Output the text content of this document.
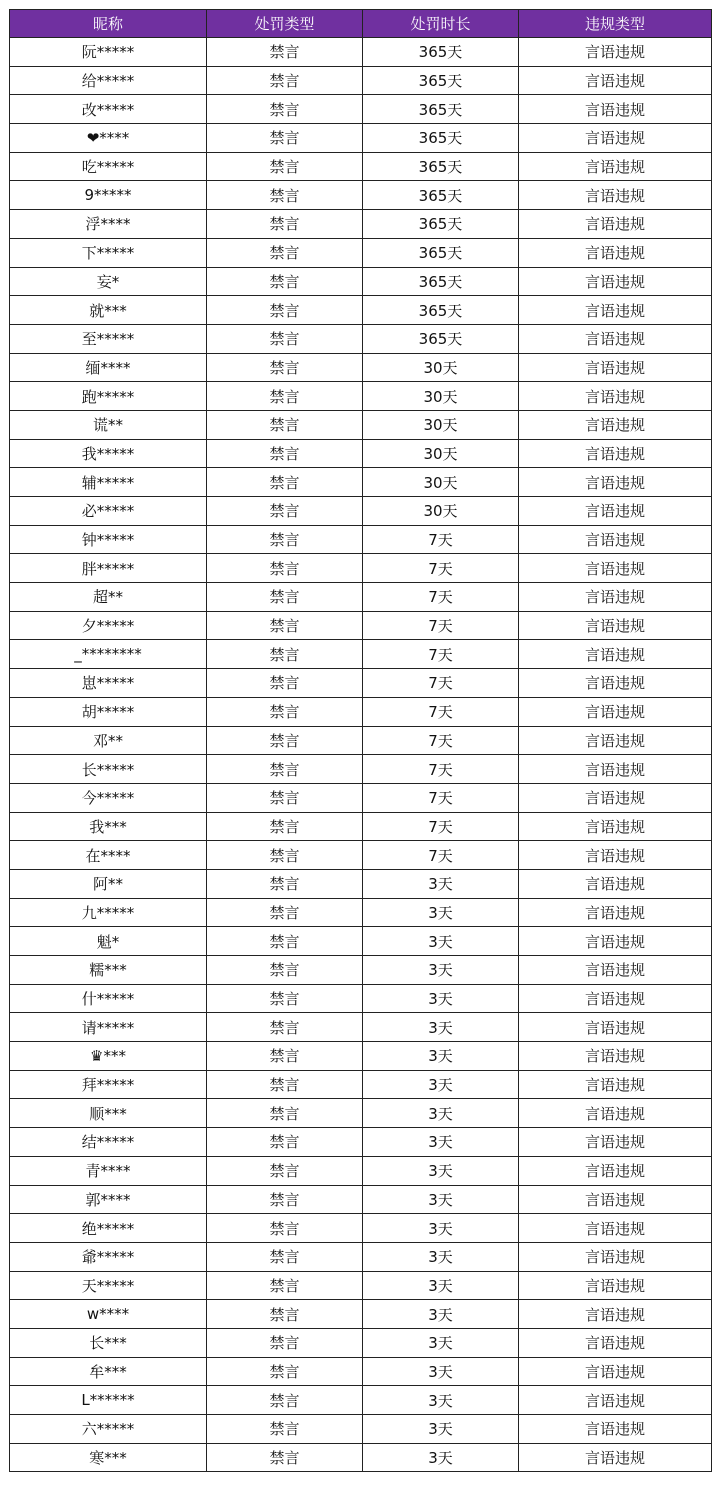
昵称	处罚类型	处罚时长	违规类型
阮*****	禁言	365天	言语违规
给*****	禁言	365天	言语违规
改*****	禁言	365天	言语违规
❤****	禁言	365天	言语违规
吃*****	禁言	365天	言语违规
9*****	禁言	365天	言语违规
浮****	禁言	365天	言语违规
下*****	禁言	365天	言语违规
妄*	禁言	365天	言语违规
就***	禁言	365天	言语违规
至*****	禁言	365天	言语违规
缅****	禁言	30天	言语违规
跑*****	禁言	30天	言语违规
谎**	禁言	30天	言语违规
我*****	禁言	30天	言语违规
辅*****	禁言	30天	言语违规
必*****	禁言	30天	言语违规
钟*****	禁言	7天	言语违规
胖*****	禁言	7天	言语违规
超**	禁言	7天	言语违规
夕*****	禁言	7天	言语违规
_********	禁言	7天	言语违规
崽*****	禁言	7天	言语违规
胡*****	禁言	7天	言语违规
邓**	禁言	7天	言语违规
长*****	禁言	7天	言语违规
今*****	禁言	7天	言语违规
我***	禁言	7天	言语违规
在****	禁言	7天	言语违规
阿**	禁言	3天	言语违规
九*****	禁言	3天	言语违规
魁*	禁言	3天	言语违规
糯***	禁言	3天	言语违规
什*****	禁言	3天	言语违规
请*****	禁言	3天	言语违规
♛***	禁言	3天	言语违规
拜*****	禁言	3天	言语违规
顺***	禁言	3天	言语违规
结*****	禁言	3天	言语违规
青****	禁言	3天	言语违规
郭****	禁言	3天	言语违规
绝*****	禁言	3天	言语违规
爺*****	禁言	3天	言语违规
天*****	禁言	3天	言语违规
w****	禁言	3天	言语违规
长***	禁言	3天	言语违规
牟***	禁言	3天	言语违规
L******	禁言	3天	言语违规
六*****	禁言	3天	言语违规
寒***	禁言	3天	言语违规
